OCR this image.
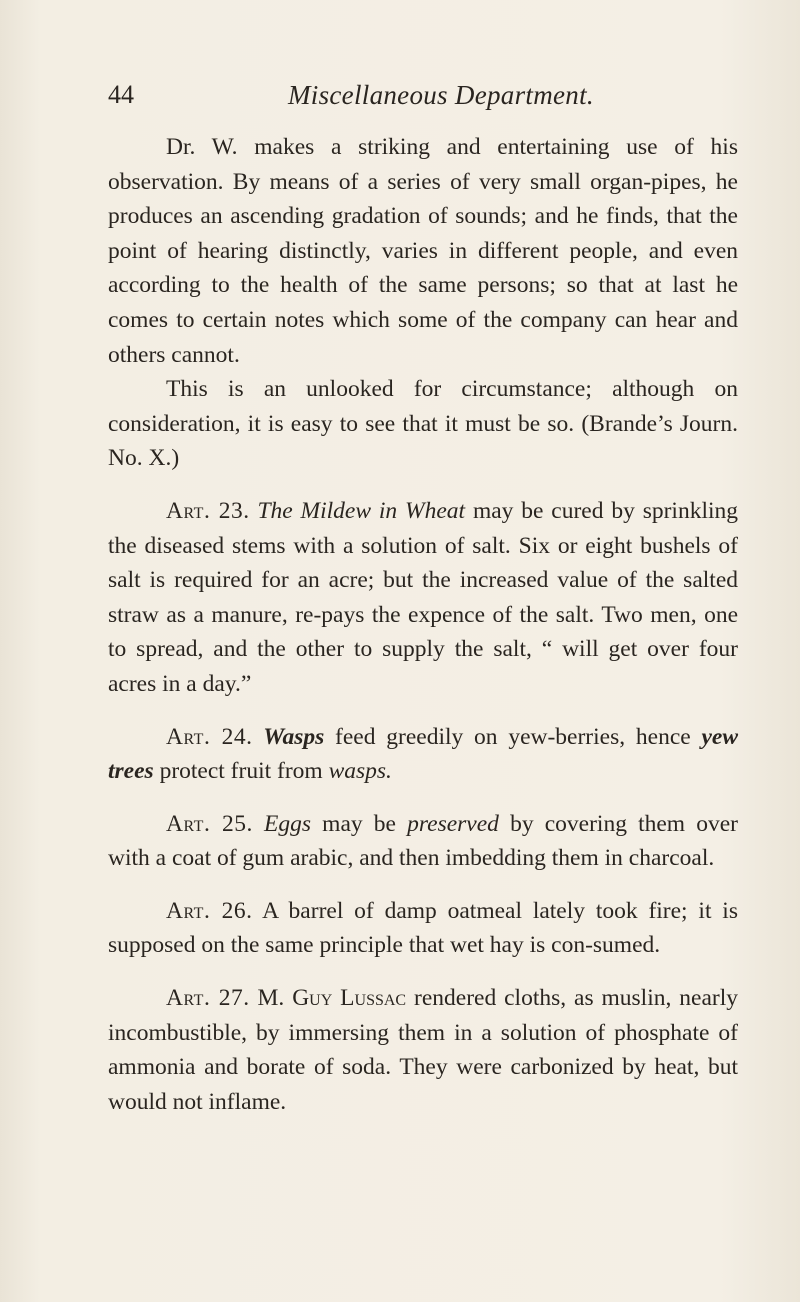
44	Miscellaneous Department.

Dr. W. makes a striking and entertaining use of his observation. By means of a series of very small organ-pipes, he produces an ascending gradation of sounds; and he finds, that the point of hearing distinctly, varies in different people, and even according to the health of the same persons; so that at last he comes to certain notes which some of the company can hear and others cannot.

This is an unlooked for circumstance; although on consideration, it is easy to see that it must be so. (Brande’s Journ. No. X.)

Art. 23. The Mildew in Wheat may be cured by sprinkling the diseased stems with a solution of salt. Six or eight bushels of salt is required for an acre; but the increased value of the salted straw as a manure, re-pays the expence of the salt. Two men, one to spread, and the other to supply the salt, “ will get over four acres in a day.”

Art. 24. Wasps feed greedily on yew-berries, hence yew trees protect fruit from wasps.

Art. 25. Eggs may be preserved by covering them over with a coat of gum arabic, and then imbedding them in charcoal.

Art. 26. A barrel of damp oatmeal lately took fire; it is supposed on the same principle that wet hay is con-sumed.

Art. 27. M. Guy Lussac rendered cloths, as muslin, nearly incombustible, by immersing them in a solution of phosphate of ammonia and borate of soda. They were carbonized by heat, but would not inflame.
